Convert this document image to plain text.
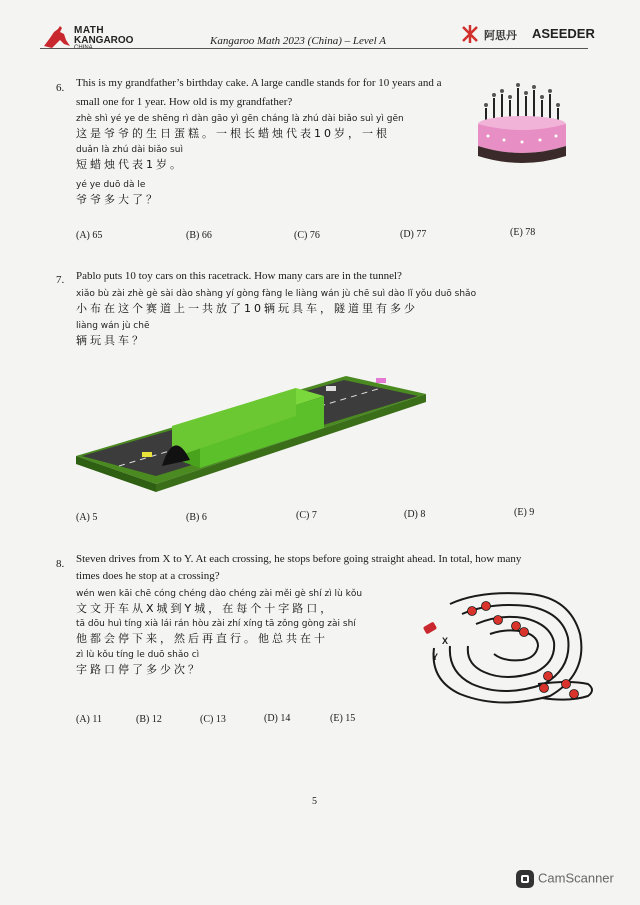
MATH
KANGAROO	Kangaroo Math 2023 (China) – Level A	阿思丹 ASEEDER
6. This is my grandfather’s birthday cake. A large candle stands for for 10 years and a
small one for 1 year. How old is my grandfather?
zhè shì yé ye de shēng rì dàn gāo yì gēn cháng là zhú dài biǎo suì yì gēn
这是爷爷的生日蛋糕。一根长蜡烛代表10岁，一根
duǎn là zhú dài biǎo suì
短蜡烛代表1岁。
yé ye duō dà le
爷爷多大了？
(A) 65	(B) 66	(C) 76	(D) 77	(E) 78
7. Pablo puts 10 toy cars on this racetrack. How many cars are in the tunnel?
xiǎo bù zài zhè gè sài dào shàng yí gòng fàng le liàng wán jù chē suì dào lǐ yǒu duō shǎo
小布在这个赛道上一共放了10辆玩具车，隧道里有多少
liàng wán jù chē
辆玩具车？
(A) 5	(B) 6	(C) 7	(D) 8	(E) 9
8. Steven drives from X to Y. At each crossing, he stops before going straight ahead. In total, how many
times does he stop at a crossing?
wén wen kāi chē cóng chéng dào chéng zài měi gè shí zì lù kǒu
文文开车从X城到Y城，在每个十字路口，
tā dōu huì tíng xià lái rán hòu zài zhí xíng tā zǒng gòng zài shí
他都会停下来，然后再直行。他总共在十
zì lù kǒu tíng le duō shǎo cì
字路口停了多少次？
X
Y
(A) 11	(B) 12	(C) 13	(D) 14	(E) 15
5
CamScanner
